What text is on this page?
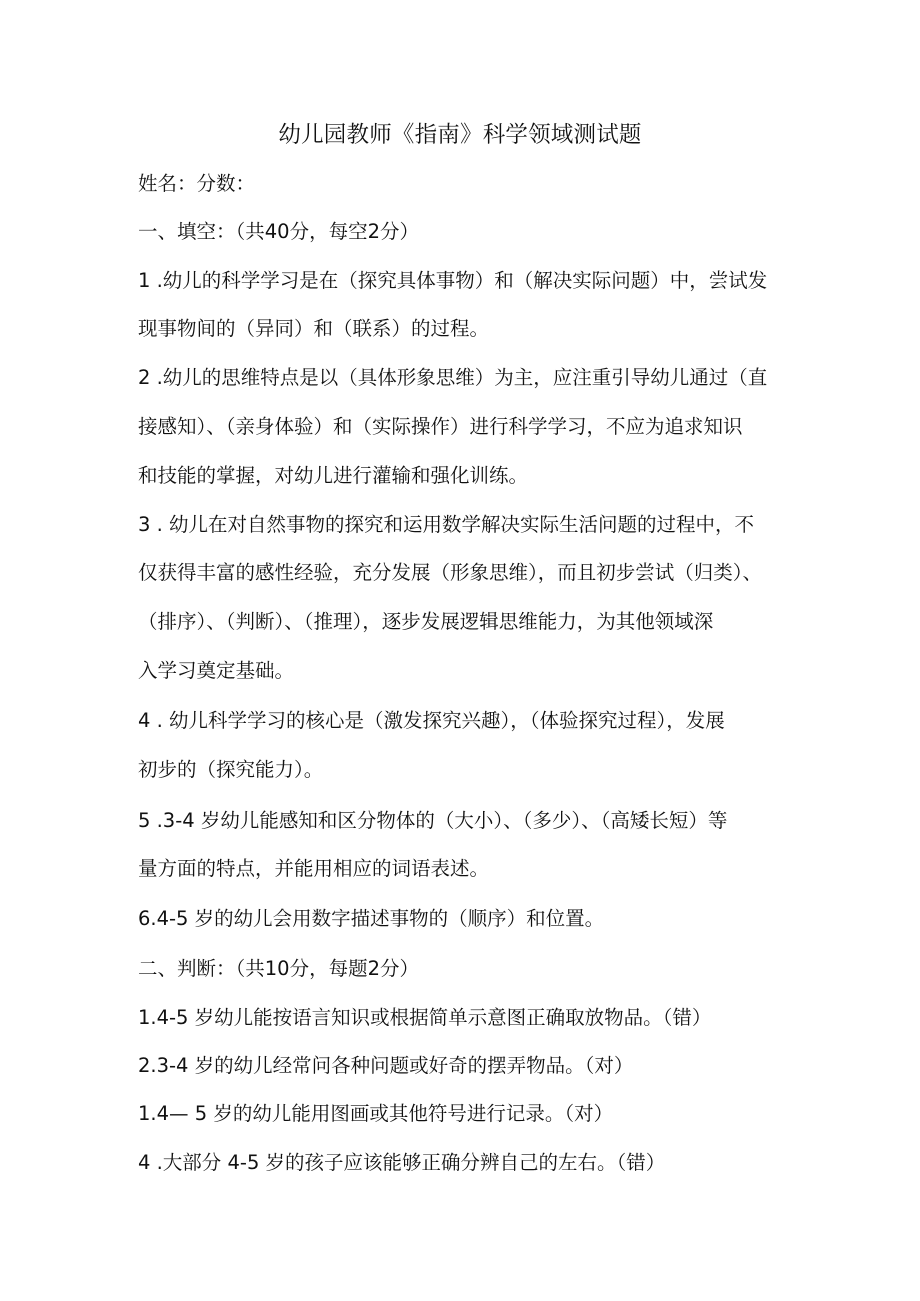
幼儿园教师《指南》科学领域测试题
姓名：分数：
一、填空：（共40分，每空2分）
1 .幼儿的科学学习是在（探究具体事物）和（解决实际问题）中，尝试发
现事物间的（异同）和（联系）的过程。
2 .幼儿的思维特点是以（具体形象思维）为主，应注重引导幼儿通过（直
接感知）、（亲身体验）和（实际操作）进行科学学习，不应为追求知识
和技能的掌握，对幼儿进行灌输和强化训练。
3 . 幼儿在对自然事物的探究和运用数学解决实际生活问题的过程中，不
仅获得丰富的感性经验，充分发展（形象思维），而且初步尝试（归类）、
（排序）、（判断）、（推理），逐步发展逻辑思维能力，为其他领域深
入学习奠定基础。
4 . 幼儿科学学习的核心是（激发探究兴趣），（体验探究过程），发展
初步的（探究能力）。
5 .3-4 岁幼儿能感知和区分物体的（大小）、（多少）、（高矮长短）等
量方面的特点，并能用相应的词语表述。
6.4-5 岁的幼儿会用数字描述事物的（顺序）和位置。
二、判断：（共10分，每题2分）
1.4-5 岁幼儿能按语言知识或根据简单示意图正确取放物品。（错）
2.3-4 岁的幼儿经常问各种问题或好奇的摆弄物品。（对）
1.4— 5 岁的幼儿能用图画或其他符号进行记录。（对）
4 .大部分 4-5 岁的孩子应该能够正确分辨自己的左右。（错）
